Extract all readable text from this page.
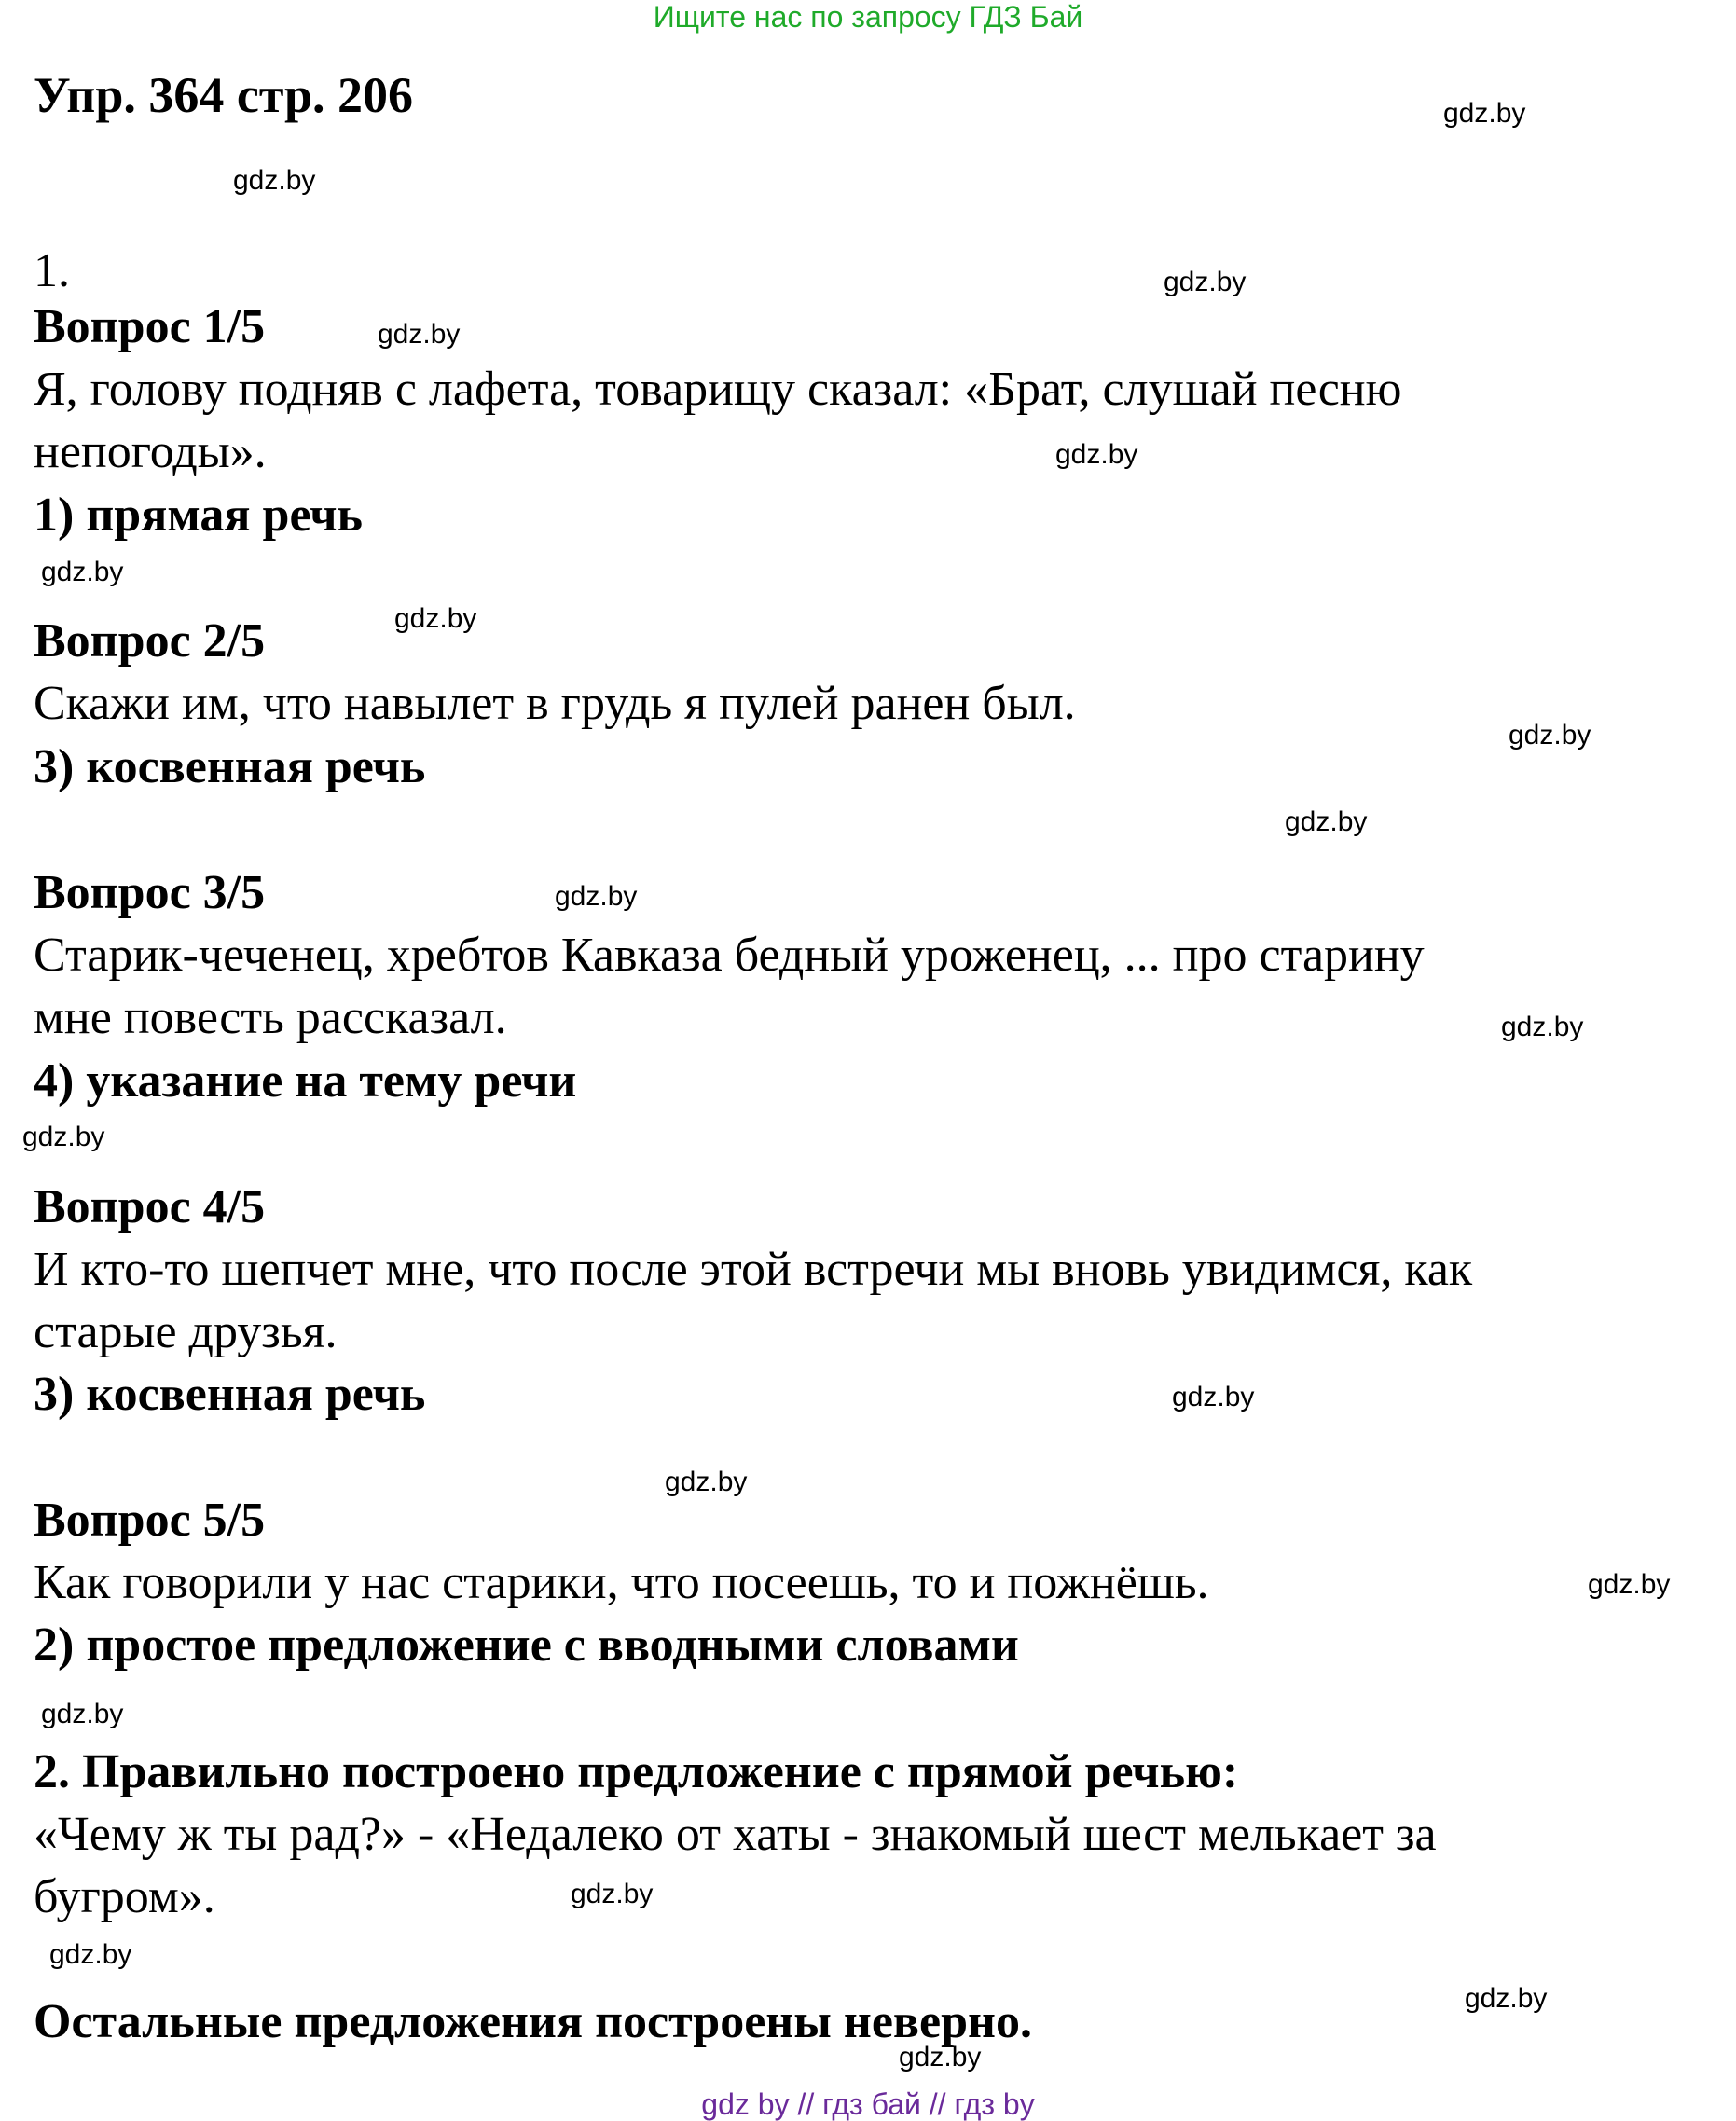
Ищите нас по запросу ГДЗ Бай
Упр. 364 стр. 206
1.
Вопрос 1/5
Я, голову подняв с лафета, товарищу сказал: «Брат, слушай песню
непогоды».
1) прямая речь
Вопрос 2/5
Скажи им, что навылет в грудь я пулей ранен был.
3) косвенная речь
Вопрос 3/5
Старик-чеченец, хребтов Кавказа бедный уроженец, ... про старину
мне повесть рассказал.
4) указание на тему речи
Вопрос 4/5
И кто-то шепчет мне, что после этой встречи мы вновь увидимся, как
старые друзья.
3) косвенная речь
Вопрос 5/5
Как говорили у нас старики, что посеешь, то и пожнёшь.
2) простое предложение с вводными словами
2. Правильно построено предложение с прямой речью:
«Чему ж ты рад?» - «Недалеко от хаты - знакомый шест мелькает за
бугром».
Остальные предложения построены неверно.
gdz.by
gdz.by
gdz.by
gdz.by
gdz.by
gdz.by
gdz.by
gdz.by
gdz.by
gdz.by
gdz.by
gdz.by
gdz.by
gdz.by
gdz.by
gdz.by
gdz.by
gdz.by
gdz.by
gdz.by
gdz by // гдз бай // гдз by
